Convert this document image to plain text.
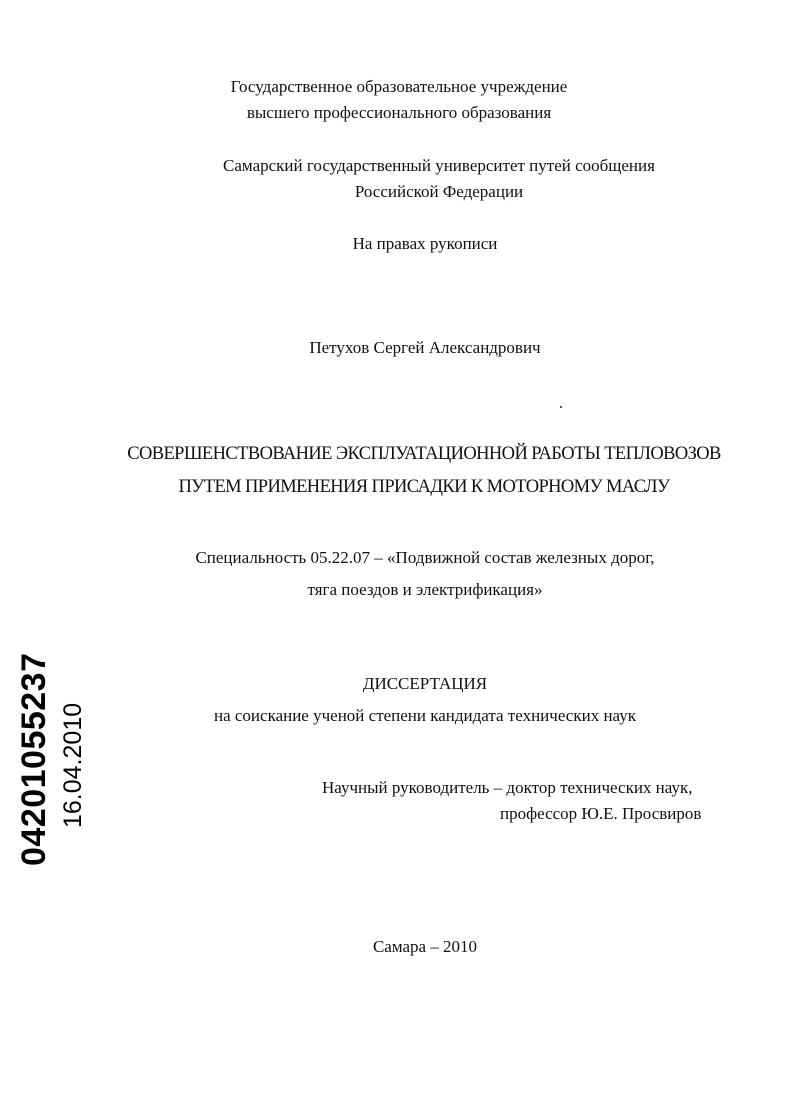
Государственное образовательное учреждение
высшего профессионального образования
Самарский государственный университет путей сообщения
Российской Федерации
На правах рукописи
Петухов Сергей Александрович
СОВЕРШЕНСТВОВАНИЕ ЭКСПЛУАТАЦИОННОЙ РАБОТЫ ТЕПЛОВОЗОВ
ПУТЕМ ПРИМЕНЕНИЯ ПРИСАДКИ К МОТОРНОМУ МАСЛУ
Специальность 05.22.07 – «Подвижной состав железных дорог,
тяга поездов и электрификация»
ДИССЕРТАЦИЯ
на соискание ученой степени кандидата технических наук
Научный руководитель – доктор технических наук,
профессор Ю.Е. Просвиров
Самара – 2010
04201055237 16.04.2010
